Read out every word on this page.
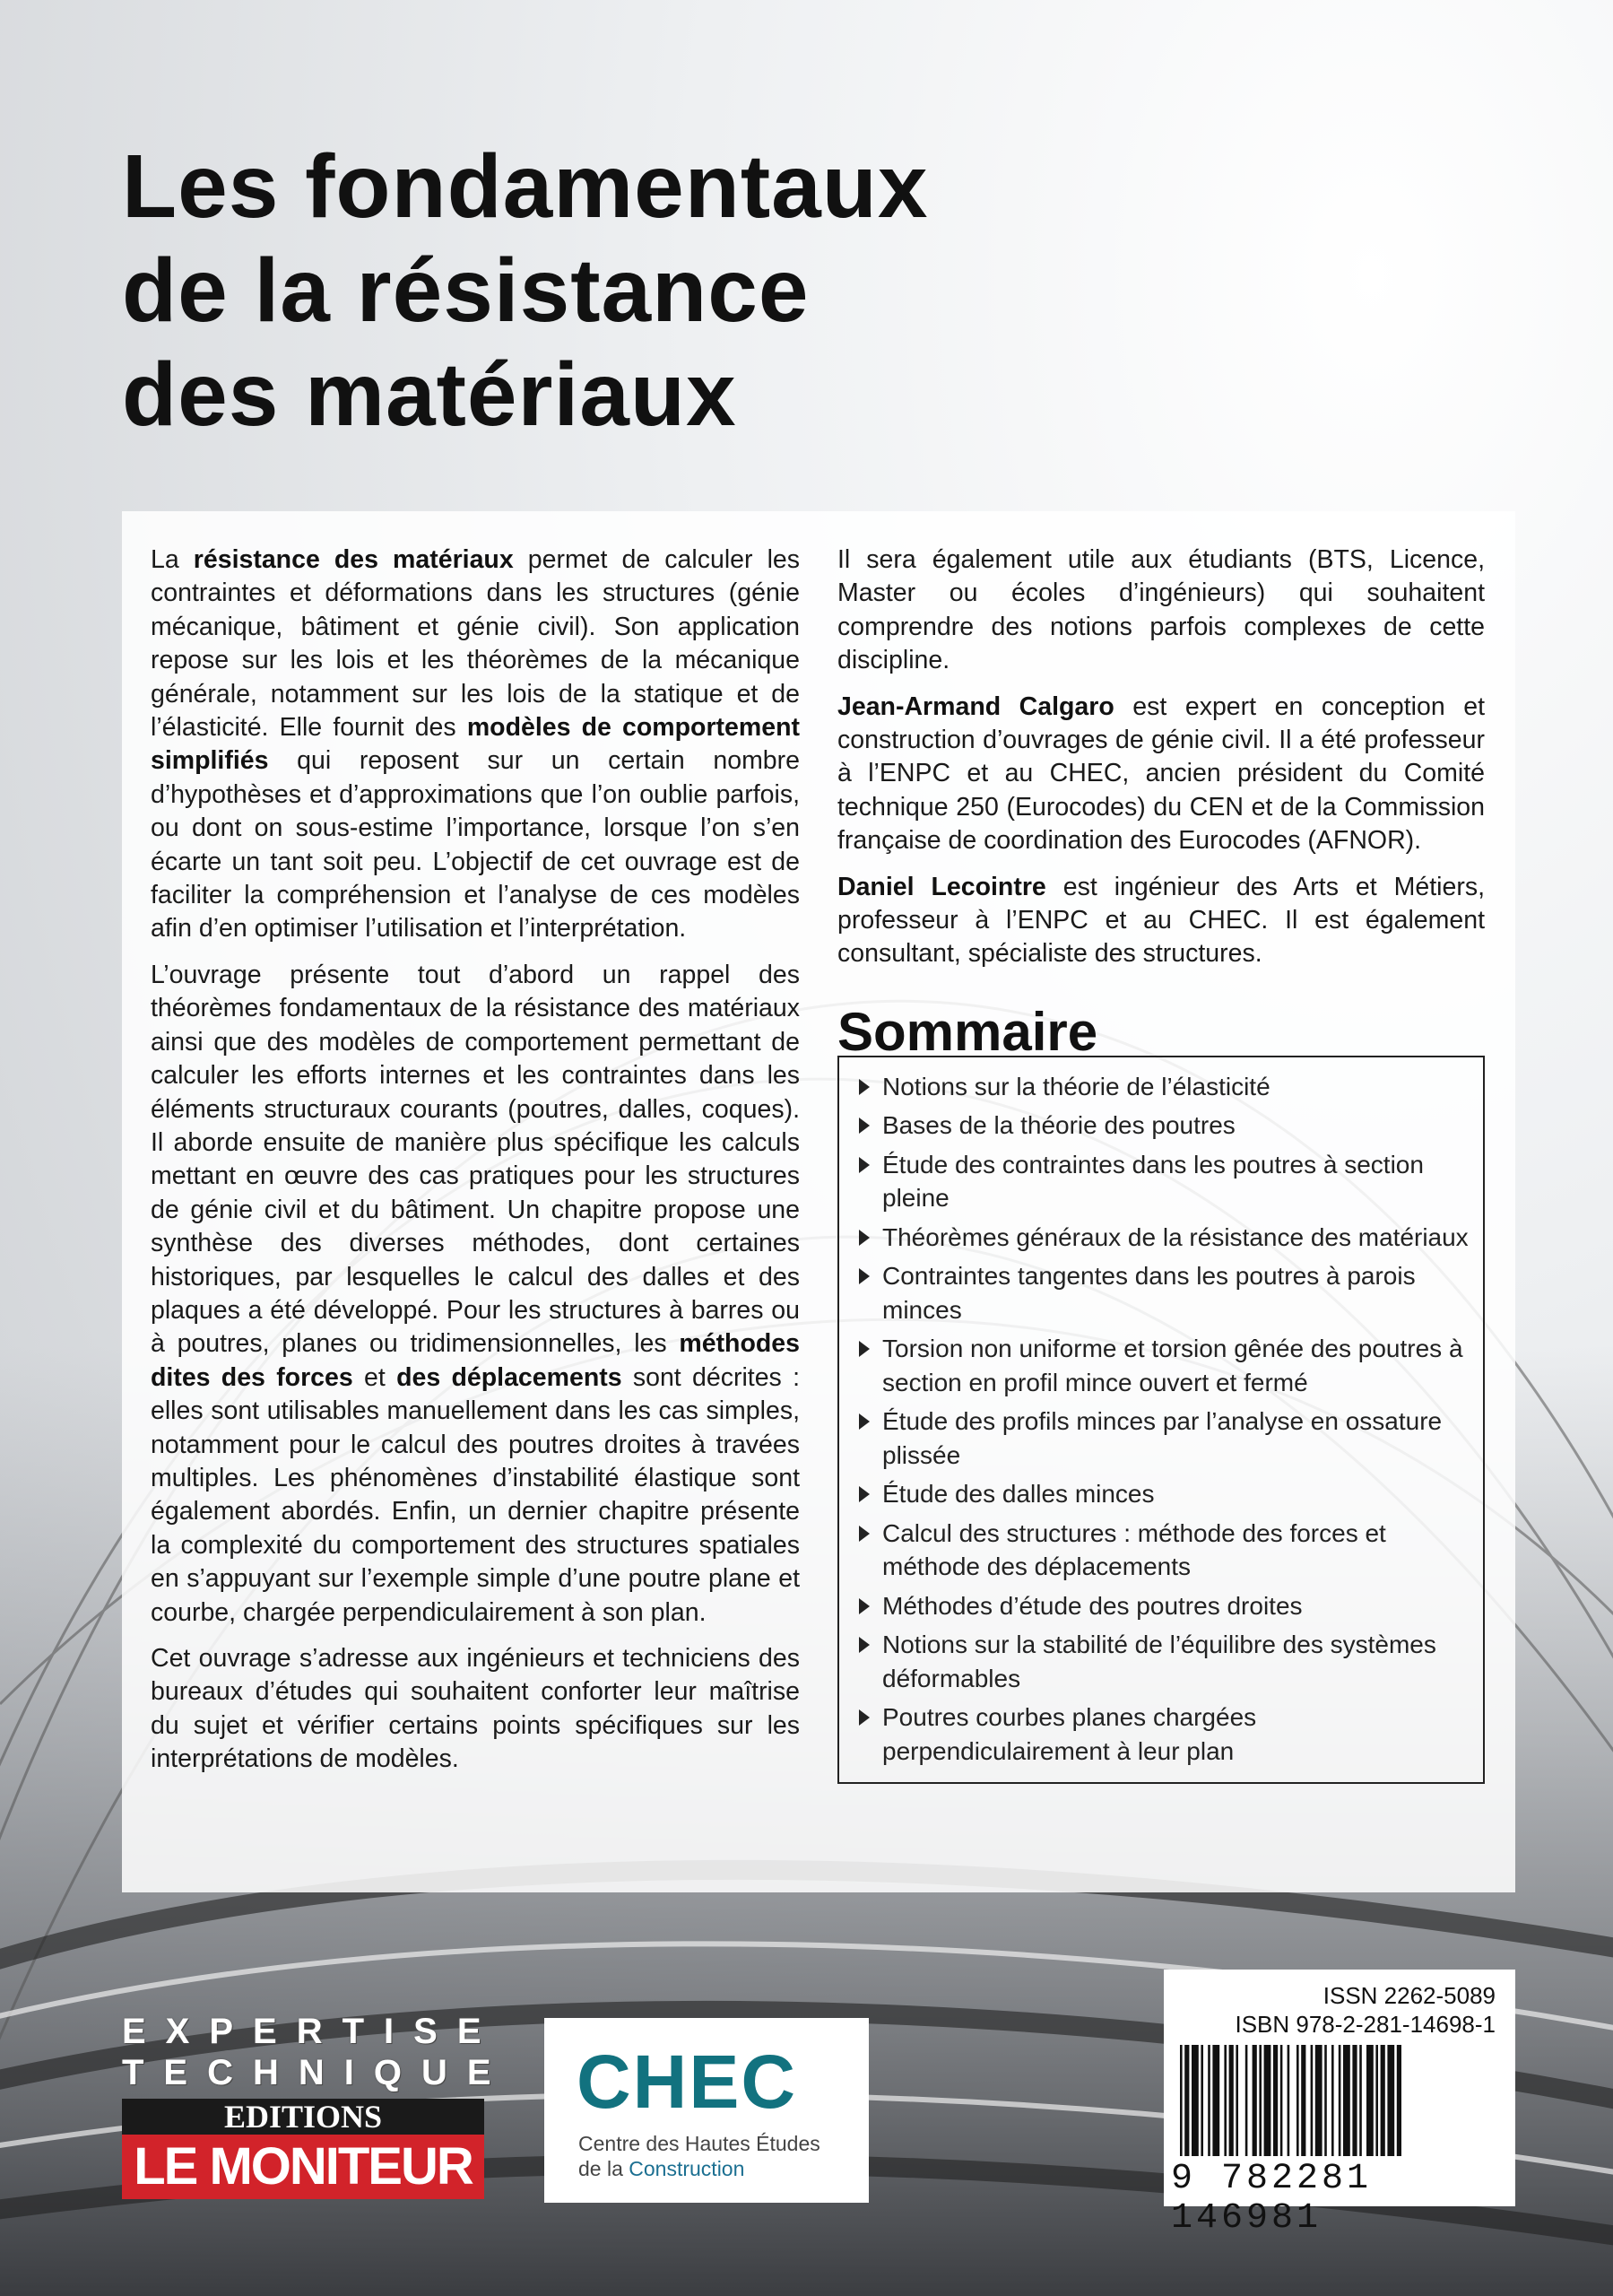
Les fondamentaux
de la résistance
des matériaux

La résistance des matériaux permet de calculer les contraintes et déformations dans les structures (génie mécanique, bâtiment et génie civil). Son application repose sur les lois et les théorèmes de la mécanique générale, notamment sur les lois de la statique et de l’élasticité. Elle fournit des modèles de comportement simplifiés qui reposent sur un certain nombre d’hypothèses et d’approximations que l’on oublie parfois, ou dont on sous-estime l’importance, lorsque l’on s’en écarte un tant soit peu. L’objectif de cet ouvrage est de faciliter la compréhension et l’analyse de ces modèles afin d’en optimiser l’utilisation et l’interprétation.

L’ouvrage présente tout d’abord un rappel des théorèmes fondamentaux de la résistance des matériaux ainsi que des modèles de comportement permettant de calculer les efforts internes et les contraintes dans les éléments structuraux courants (poutres, dalles, coques). Il aborde ensuite de manière plus spécifique les calculs mettant en œuvre des cas pratiques pour les structures de génie civil et du bâtiment. Un chapitre propose une synthèse des diverses méthodes, dont certaines historiques, par lesquelles le calcul des dalles et des plaques a été développé. Pour les structures à barres ou à poutres, planes ou tridimensionnelles, les méthodes dites des forces et des déplacements sont décrites : elles sont utilisables manuellement dans les cas simples, notamment pour le calcul des poutres droites à travées multiples. Les phénomènes d’instabilité élastique sont également abordés. Enfin, un dernier chapitre présente la complexité du comportement des structures spatiales en s’appuyant sur l’exemple simple d’une poutre plane et courbe, chargée perpendiculairement à son plan.

Cet ouvrage s’adresse aux ingénieurs et techniciens des bureaux d’études qui souhaitent conforter leur maîtrise du sujet et vérifier certains points spécifiques sur les interprétations de modèles.

Il sera également utile aux étudiants (BTS, Licence, Master ou écoles d’ingénieurs) qui souhaitent comprendre des notions parfois complexes de cette discipline.

Jean-Armand Calgaro est expert en conception et construction d’ouvrages de génie civil. Il a été professeur à l’ENPC et au CHEC, ancien président du Comité technique 250 (Eurocodes) du CEN et de la Commission française de coordination des Eurocodes (AFNOR).

Daniel Lecointre est ingénieur des Arts et Métiers, professeur à l’ENPC et au CHEC. Il est également consultant, spécialiste des structures.

Sommaire
Notions sur la théorie de l’élasticité
Bases de la théorie des poutres
Étude des contraintes dans les poutres à section pleine
Théorèmes généraux de la résistance des matériaux
Contraintes tangentes dans les poutres à parois minces
Torsion non uniforme et torsion gênée des poutres à section en profil mince ouvert et fermé
Étude des profils minces par l’analyse en ossature plissée
Étude des dalles minces
Calcul des structures : méthode des forces et méthode des déplacements
Méthodes d’étude des poutres droites
Notions sur la stabilité de l’équilibre des systèmes déformables
Poutres courbes planes chargées perpendiculairement à leur plan
EXPERTISE
TECHNIQUE
EDITIONS
LE MONITEUR
CHEC
Centre des Hautes Études
de la Construction
ISSN 2262-5089
ISBN 978-2-281-14698-1
9 782281 146981
